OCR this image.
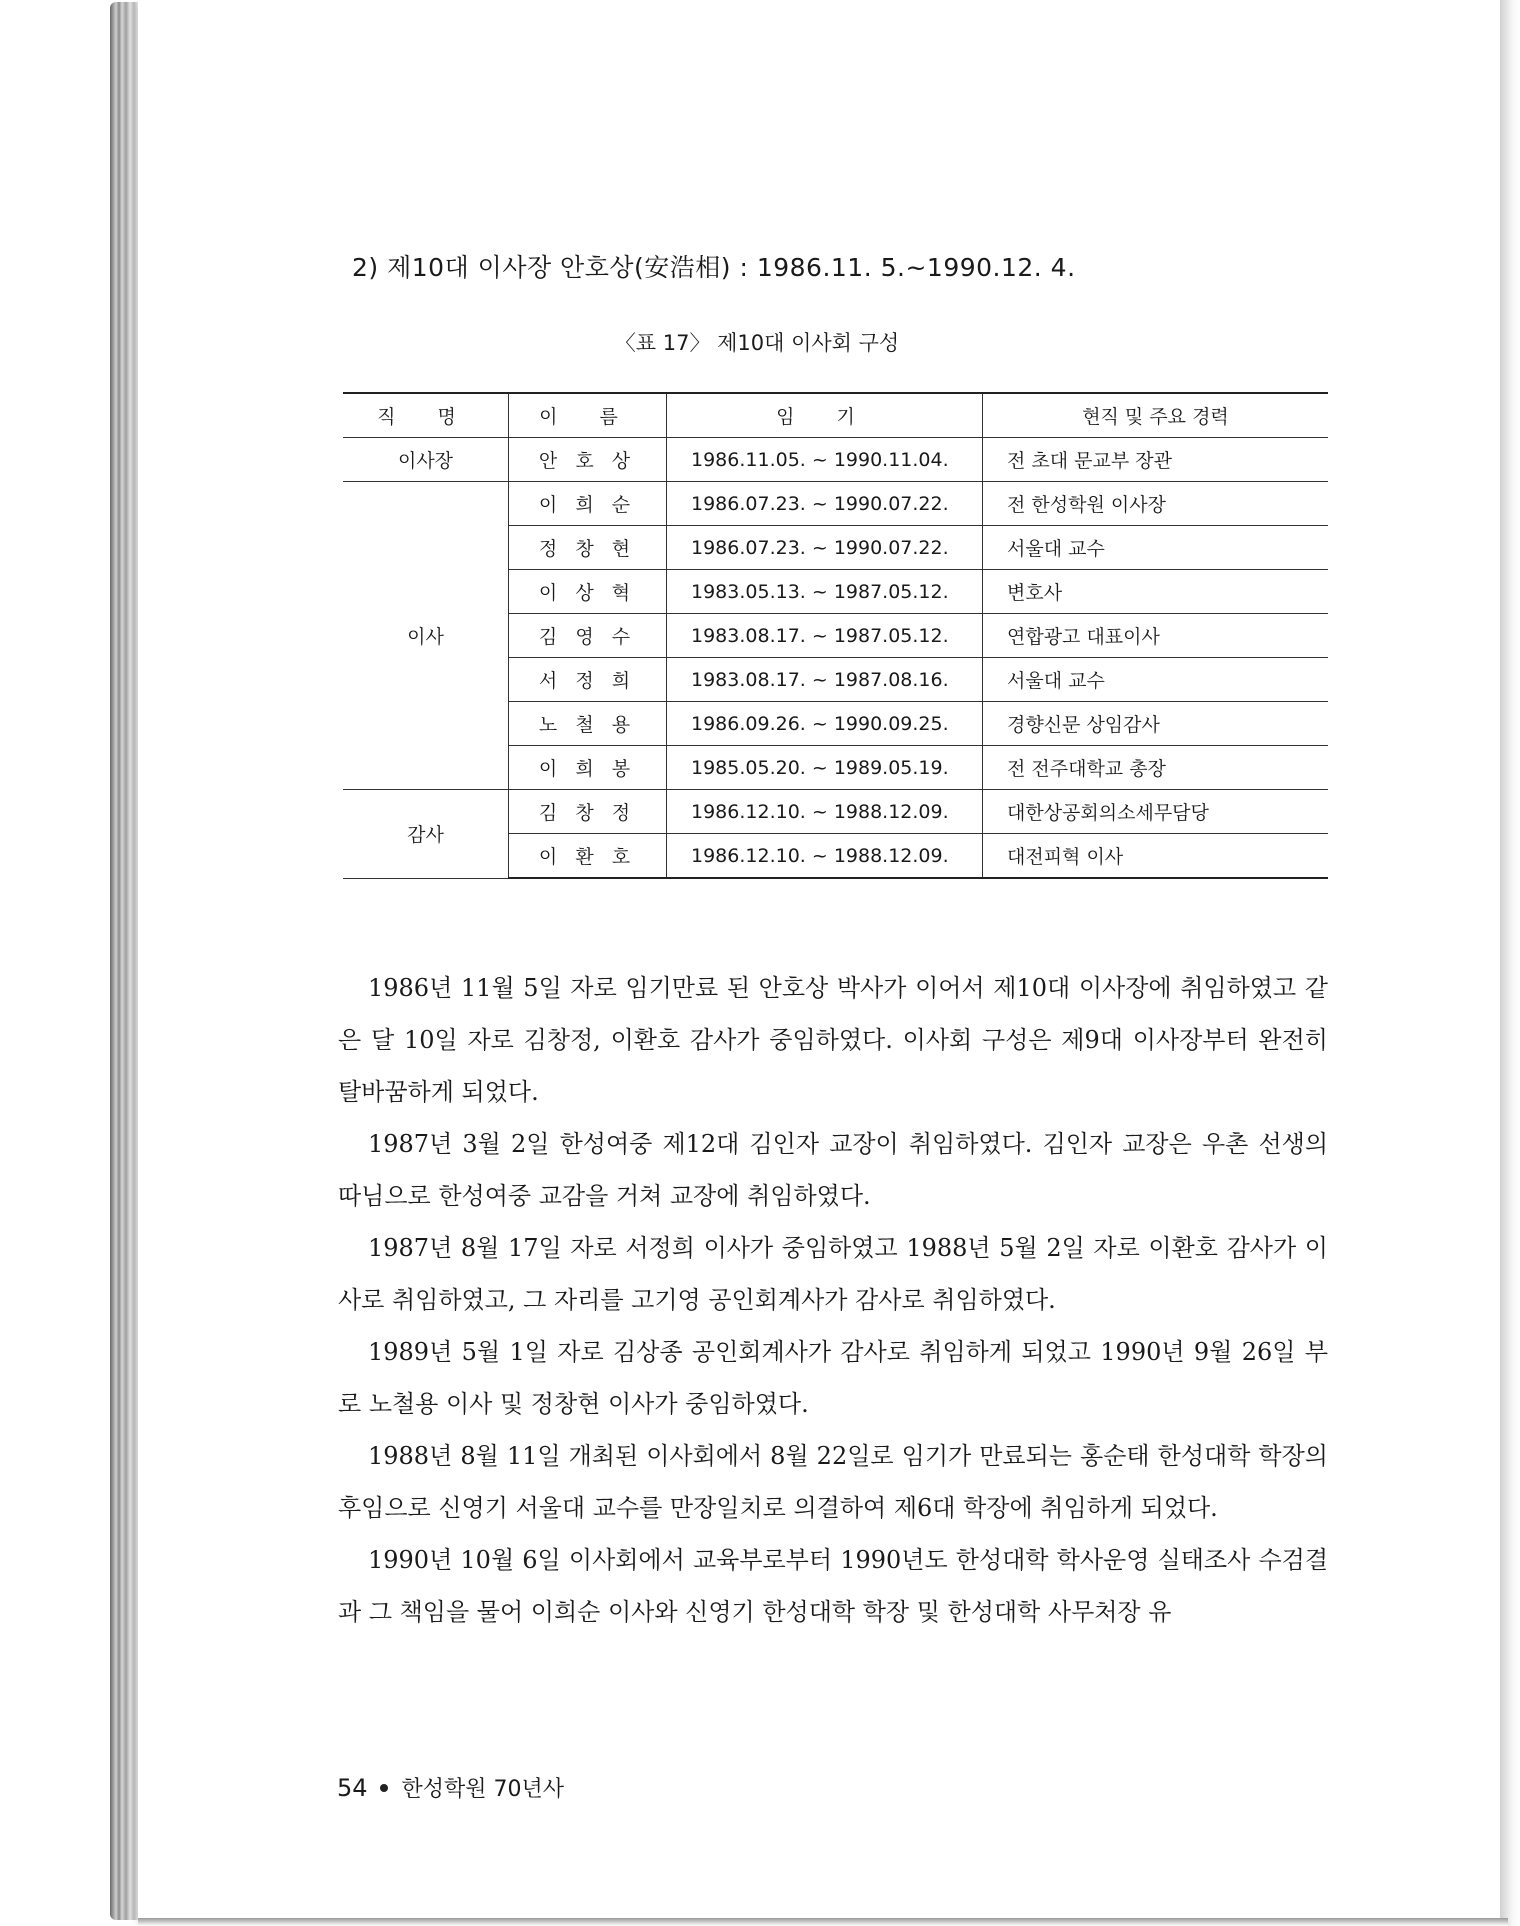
2) 제10대 이사장 안호상(安浩相) : 1986.11. 5.~1990.12. 4.
〈표 17〉 제10대 이사회 구성
직 명	이 름	임 기	현직 및 주요 경력
이사장	안 호 상	1986.11.05. ~ 1990.11.04.	전 초대 문교부 장관
이사	이 희 순	1986.07.23. ~ 1990.07.22.	전 한성학원 이사장
	정 창 현	1986.07.23. ~ 1990.07.22.	서울대 교수
	이 상 혁	1983.05.13. ~ 1987.05.12.	변호사
	김 영 수	1983.08.17. ~ 1987.05.12.	연합광고 대표이사
	서 정 희	1983.08.17. ~ 1987.08.16.	서울대 교수
	노 철 용	1986.09.26. ~ 1990.09.25.	경향신문 상임감사
	이 희 봉	1985.05.20. ~ 1989.05.19.	전 전주대학교 총장
감사	김 창 정	1986.12.10. ~ 1988.12.09.	대한상공회의소세무담당
	이 환 호	1986.12.10. ~ 1988.12.09.	대전피혁 이사

1986년 11월 5일 자로 임기만료 된 안호상 박사가 이어서 제10대 이사장에 취임하였고 같은 달 10일 자로 김창정, 이환호 감사가 중임하였다. 이사회 구성은 제9대 이사장부터 완전히 탈바꿈하게 되었다.

1987년 3월 2일 한성여중 제12대 김인자 교장이 취임하였다. 김인자 교장은 우촌 선생의 따님으로 한성여중 교감을 거쳐 교장에 취임하였다.

1987년 8월 17일 자로 서정희 이사가 중임하였고 1988년 5월 2일 자로 이환호 감사가 이사로 취임하였고, 그 자리를 고기영 공인회계사가 감사로 취임하였다.

1989년 5월 1일 자로 김상종 공인회계사가 감사로 취임하게 되었고 1990년 9월 26일 부로 노철용 이사 및 정창현 이사가 중임하였다.

1988년 8월 11일 개최된 이사회에서 8월 22일로 임기가 만료되는 홍순태 한성대학 학장의 후임으로 신영기 서울대 교수를 만장일치로 의결하여 제6대 학장에 취임하게 되었다.

1990년 10월 6일 이사회에서 교육부로부터 1990년도 한성대학 학사운영 실태조사 수검결과 그 책임을 물어 이희순 이사와 신영기 한성대학 학장 및 한성대학 사무처장 유

54 한성학원 70년사
